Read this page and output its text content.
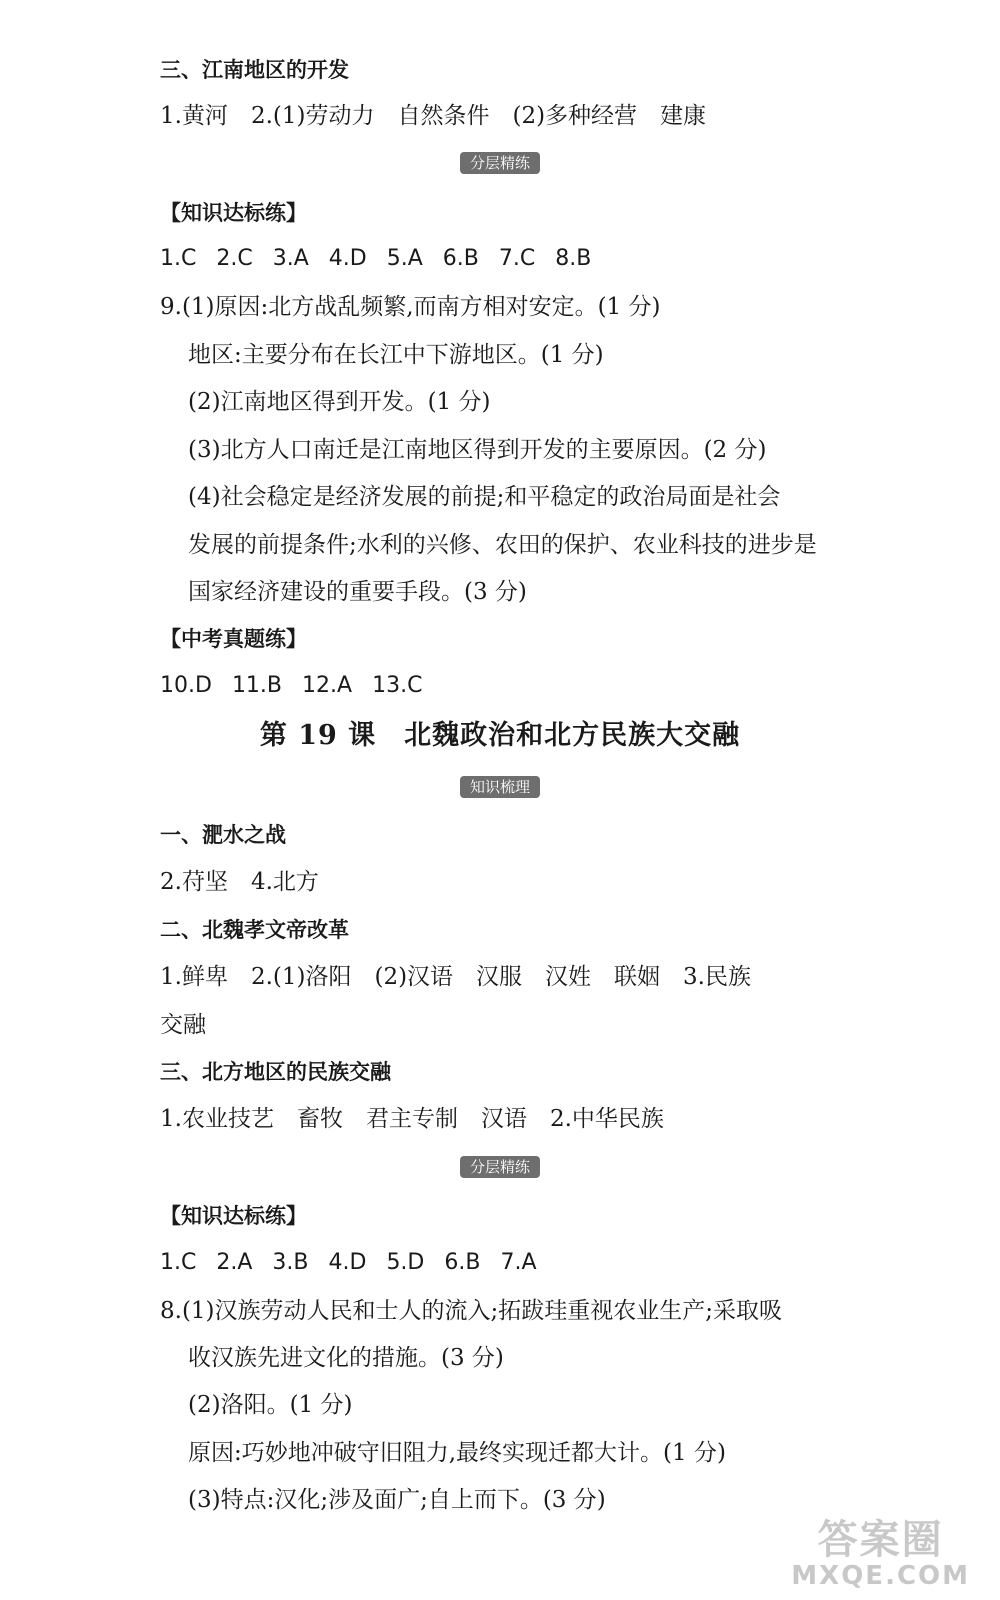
三、江南地区的开发
1.黄河　2.(1)劳动力　自然条件　(2)多种经营　建康
分层精练
【知识达标练】
1.C 2.C 3.A 4.D 5.A 6.B 7.C 8.B
9.(1)原因:北方战乱频繁,而南方相对安定。(1 分)
地区:主要分布在长江中下游地区。(1 分)
(2)江南地区得到开发。(1 分)
(3)北方人口南迁是江南地区得到开发的主要原因。(2 分)
(4)社会稳定是经济发展的前提;和平稳定的政治局面是社会
发展的前提条件;水利的兴修、农田的保护、农业科技的进步是
国家经济建设的重要手段。(3 分)
【中考真题练】
10.D 11.B 12.A 13.C
第 19 课　北魏政治和北方民族大交融
知识梳理
一、淝水之战
2.苻坚　4.北方
二、北魏孝文帝改革
1.鲜卑　2.(1)洛阳　(2)汉语　汉服　汉姓　联姻　3.民族
交融
三、北方地区的民族交融
1.农业技艺　畜牧　君主专制　汉语　2.中华民族
分层精练
【知识达标练】
1.C 2.A 3.B 4.D 5.D 6.B 7.A
8.(1)汉族劳动人民和士人的流入;拓跋珪重视农业生产;采取吸
收汉族先进文化的措施。(3 分)
(2)洛阳。(1 分)
原因:巧妙地冲破守旧阻力,最终实现迁都大计。(1 分)
(3)特点:汉化;涉及面广;自上而下。(3 分)
答案圈
MXQE.COM
